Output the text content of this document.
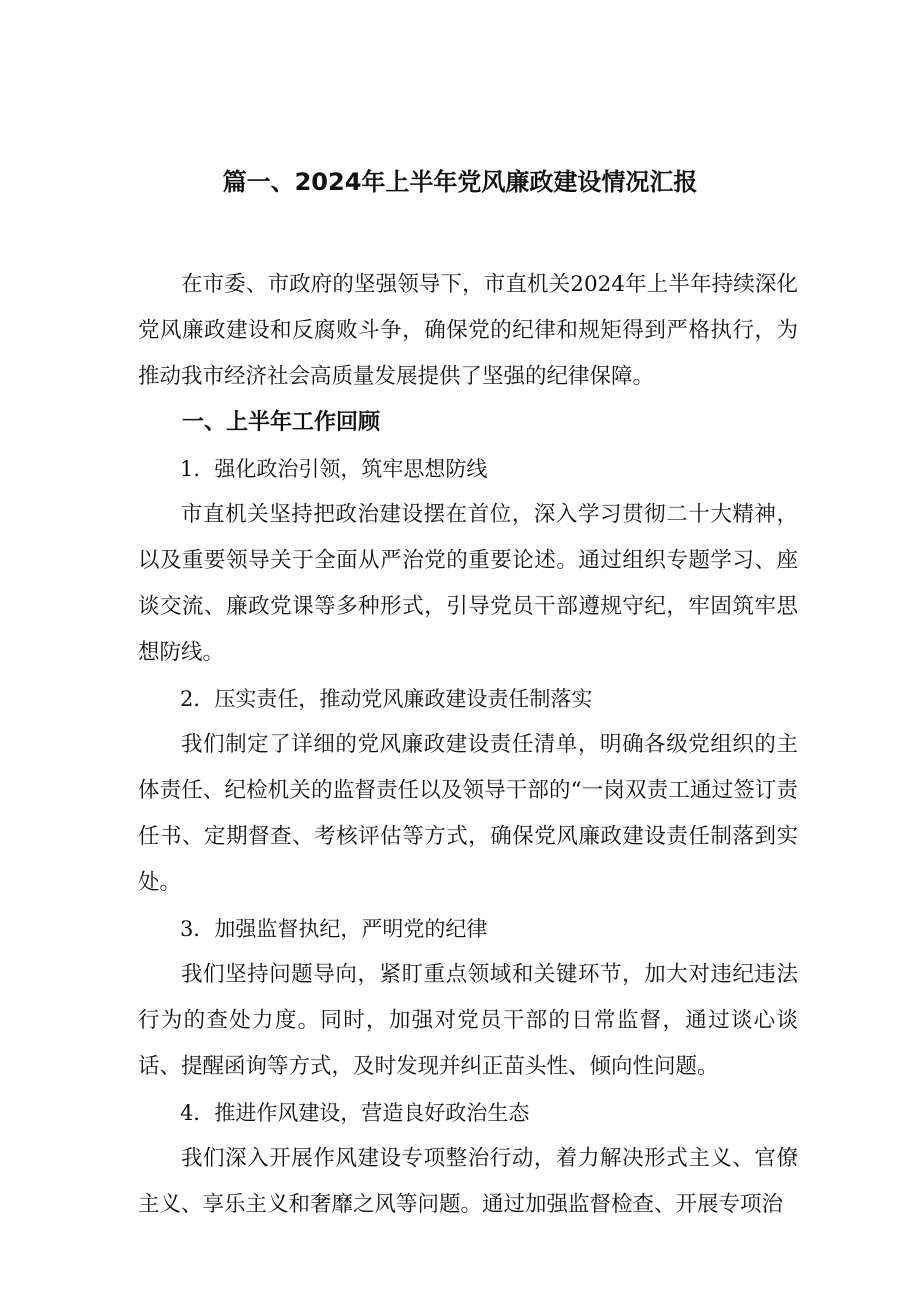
篇一、2024年上半年党风廉政建设情况汇报

在市委、市政府的坚强领导下，市直机关2024年上半年持续深化党风廉政建设和反腐败斗争，确保党的纪律和规矩得到严格执行，为推动我市经济社会高质量发展提供了坚强的纪律保障。

一、上半年工作回顾

1．强化政治引领，筑牢思想防线

市直机关坚持把政治建设摆在首位，深入学习贯彻二十大精神，以及重要领导关于全面从严治党的重要论述。通过组织专题学习、座谈交流、廉政党课等多种形式，引导党员干部遵规守纪，牢固筑牢思想防线。

2．压实责任，推动党风廉政建设责任制落实

我们制定了详细的党风廉政建设责任清单，明确各级党组织的主体责任、纪检机关的监督责任以及领导干部的“一岗双责工通过签订责任书、定期督查、考核评估等方式，确保党风廉政建设责任制落到实处。

3．加强监督执纪，严明党的纪律

我们坚持问题导向，紧盯重点领域和关键环节，加大对违纪违法行为的查处力度。同时，加强对党员干部的日常监督，通过谈心谈话、提醒函询等方式，及时发现并纠正苗头性、倾向性问题。

4．推进作风建设，营造良好政治生态

我们深入开展作风建设专项整治行动，着力解决形式主义、官僚主义、享乐主义和奢靡之风等问题。通过加强监督检查、开展专项治
